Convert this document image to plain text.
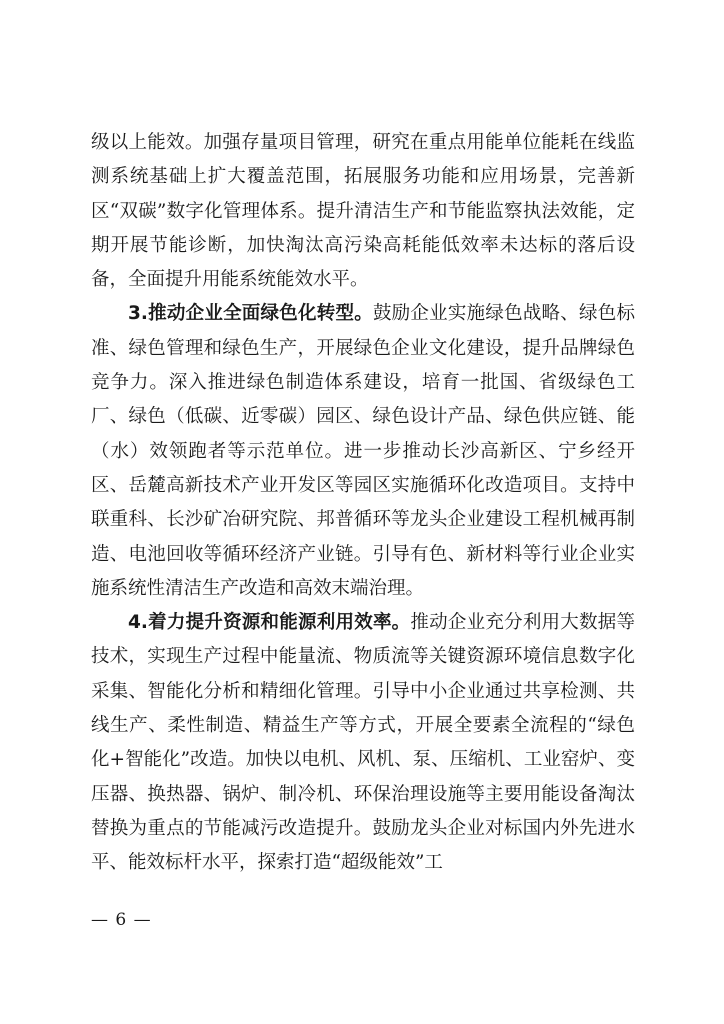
级以上能效。加强存量项目管理，研究在重点用能单位能耗在线监测系统基础上扩大覆盖范围，拓展服务功能和应用场景，完善新区“双碳”数字化管理体系。提升清洁生产和节能监察执法效能，定期开展节能诊断，加快淘汰高污染高耗能低效率未达标的落后设备，全面提升用能系统能效水平。

3.推动企业全面绿色化转型。鼓励企业实施绿色战略、绿色标准、绿色管理和绿色生产，开展绿色企业文化建设，提升品牌绿色竞争力。深入推进绿色制造体系建设，培育一批国、省级绿色工厂、绿色（低碳、近零碳）园区、绿色设计产品、绿色供应链、能（水）效领跑者等示范单位。进一步推动长沙高新区、宁乡经开区、岳麓高新技术产业开发区等园区实施循环化改造项目。支持中联重科、长沙矿冶研究院、邦普循环等龙头企业建设工程机械再制造、电池回收等循环经济产业链。引导有色、新材料等行业企业实施系统性清洁生产改造和高效末端治理。

4.着力提升资源和能源利用效率。推动企业充分利用大数据等技术，实现生产过程中能量流、物质流等关键资源环境信息数字化采集、智能化分析和精细化管理。引导中小企业通过共享检测、共线生产、柔性制造、精益生产等方式，开展全要素全流程的“绿色化+智能化”改造。加快以电机、风机、泵、压缩机、工业窑炉、变压器、换热器、锅炉、制冷机、环保治理设施等主要用能设备淘汰替换为重点的节能减污改造提升。鼓励龙头企业对标国内外先进水平、能效标杆水平，探索打造“超级能效”工

— 6 —
